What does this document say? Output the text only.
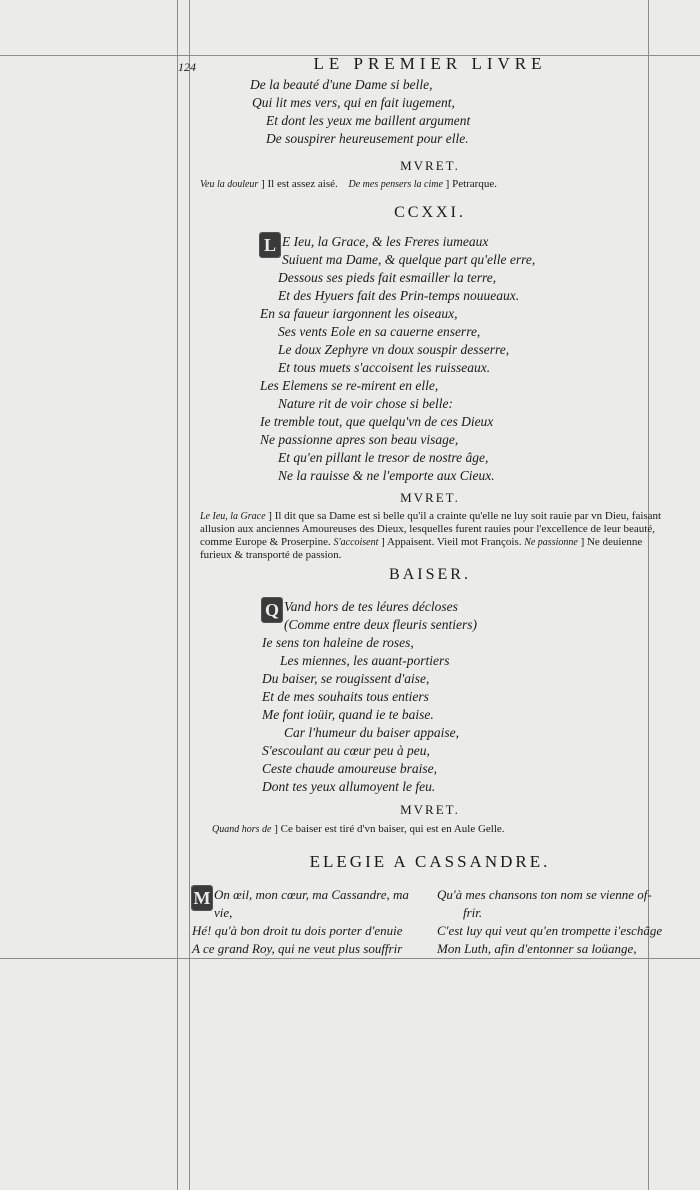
124	LE PREMIER LIVRE
De la beauté d'une Dame si belle,
Qui lit mes vers, qui en fait iugement,
Et dont les yeux me baillent argument
De souspirer heureusement pour elle.
MVRET.
Veu la douleur ] Il est assez aisé. De mes pensers la cime ] Petrarque.
CCXXI.
L E Ieu, la Grace, & les Freres iumeaux
Suiuent ma Dame, & quelque part qu'elle erre,
Dessous ses pieds fait esmailler la terre,
Et des Hyuers fait des Prin-temps nouueaux.
En sa faueur iargonnent les oiseaux,
Ses vents Eole en sa cauerne enserre,
Le doux Zephyre vn doux souspir desserre,
Et tous muets s'accoisent les ruisseaux.
Les Elemens se re-mirent en elle,
Nature rit de voir chose si belle:
Ie tremble tout, que quelqu'vn de ces Dieux
Ne passionne apres son beau visage,
Et qu'en pillant le tresor de nostre âge,
Ne la rauisse & ne l'emporte aux Cieux.
MVRET.
Le Ieu, la Grace ] Il dit que sa Dame est si belle qu'il a crainte qu'elle ne luy soit rauie par vn Dieu, faisant
allusion aux anciennes Amoureuses des Dieux, lesquelles furent rauies pour l'excellence de leur beauté,
comme Europe & Proserpine. S'accoisent ] Appaisent. Vieil mot François. Ne passionne ] Ne deuienne
furieux & transporté de passion.
BAISER.
Q Vand hors de tes léures décloses
(Comme entre deux fleuris sentiers)
Ie sens ton haleine de roses,
Les miennes, les auant-portiers
Du baiser, se rougissent d'aise,
Et de mes souhaits tous entiers
Me font ioüir, quand ie te baise.
Car l'humeur du baiser appaise,
S'escoulant au cœur peu à peu,
Ceste chaude amoureuse braise,
Dont tes yeux allumoyent le feu.
MVRET.
Quand hors de ] Ce baiser est tiré d'vn baiser, qui est en Aule Gelle.
ELEGIE A CASSANDRE.
M On œil, mon cœur, ma Cassandre, ma
vie,
Hé! qu'à bon droit tu dois porter d'enuie
A ce grand Roy, qui ne veut plus souffrir
Qu'à mes chansons ton nom se vienne of-
frir.
C'est luy qui veut qu'en trompette i'eschãge
Mon Luth, afin d'entonner sa loüange,
